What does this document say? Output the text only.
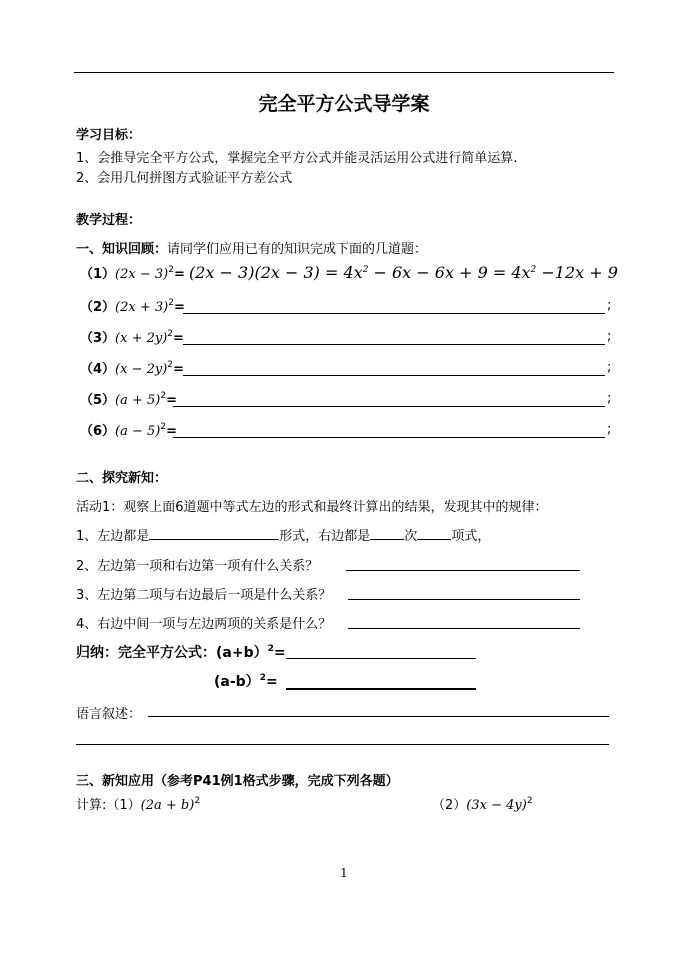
完全平方公式导学案
学习目标：
1、会推导完全平方公式，掌握完全平方公式并能灵活运用公式进行简单运算.
2、会用几何拼图方式验证平方差公式
教学过程：
一、知识回顾：请同学们应用已有的知识完成下面的几道题：
$(1)(2x - 3)^2= (2x - 3)(2x - 3) = 4x^2 - 6x - 6x + 9 = 4x^2 -12x + 9$
$(2)(2x + 3)^2=$	;
$(3)(x + 2y)^2=$	;
$(4)(x - 2y)^2=$	;
$(5)(a + 5)^2=$	;
$(6)(a - 5)^2=$	;
二、探究新知：
活动1：观察上面6道题中等式左边的形式和最终计算出的结果，发现其中的规律：
1、左边都是	形式，右边都是	次	项式，
2、左边第一项和右边第一项有什么关系？
3、左边第二项与右边最后一项是什么关系？
4、右边中间一项与左边两项的关系是什么？
归纳：完全平方公式：(a+b）$^2$=
(a-b）$^2$=
语言叙述：
三、新知应用（参考P41例1格式步骤，完成下列各题）
计算:（1）(2a + b)$^2$	$(2)(3x - 4y)^2$
1
